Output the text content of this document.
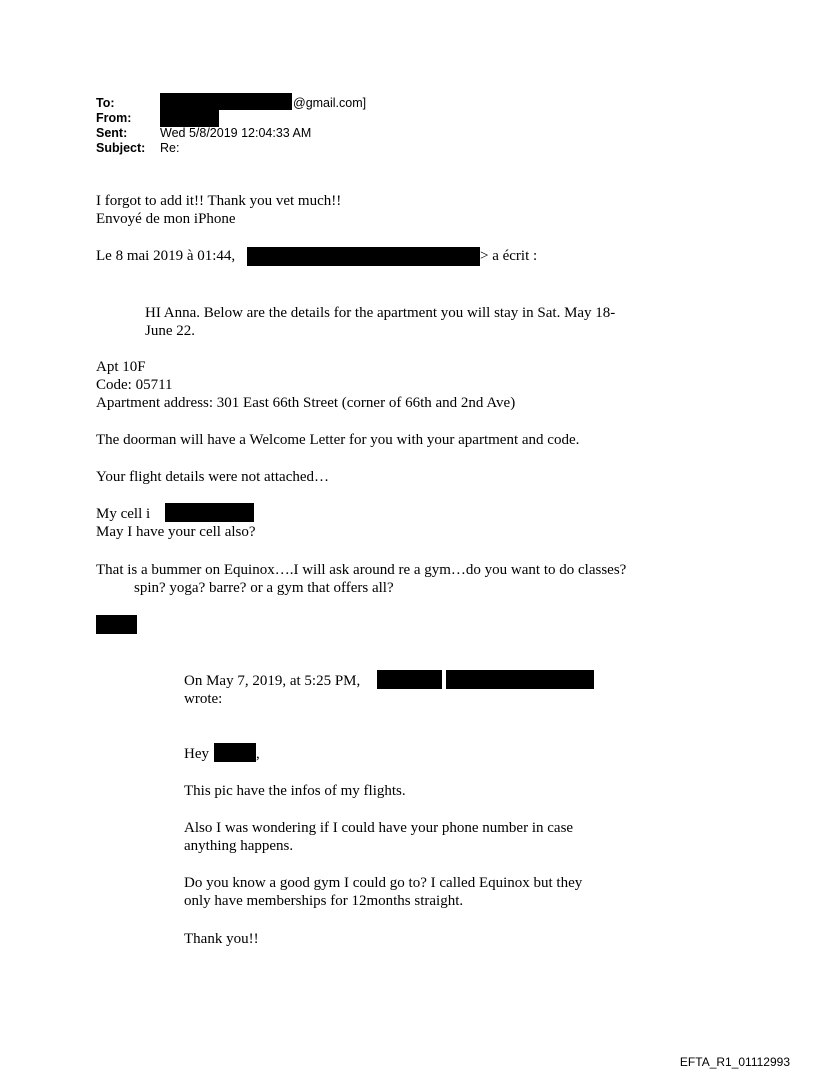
To:
From:
Sent:
Subject:
@gmail.com]
Wed 5/8/2019 12:04:33 AM
Re:
I forgot to add it!! Thank you vet much!!
Envoyé de mon iPhone
Le 8 mai 2019 à 01:44,	> a écrit :
HI Anna. Below are the details for the apartment you will stay in Sat. May 18-
June 22.
Apt 10F
Code: 05711
Apartment address: 301 East 66th Street (corner of 66th and 2nd Ave)
The doorman will have a Welcome Letter for you with your apartment and code.
Your flight details were not attached…
My cell i
May I have your cell also?
That is a bummer on Equinox….I will ask around re a gym…do you want to do classes?
spin? yoga? barre? or a gym that offers all?
On May 7, 2019, at 5:25 PM,
wrote:
Hey	,
This pic have the infos of my flights.
Also I was wondering if I could have your phone number in case
anything happens.
Do you know a good gym I could go to? I called Equinox but they
only have memberships for 12months straight.
Thank you!!
EFTA_R1_01112993
